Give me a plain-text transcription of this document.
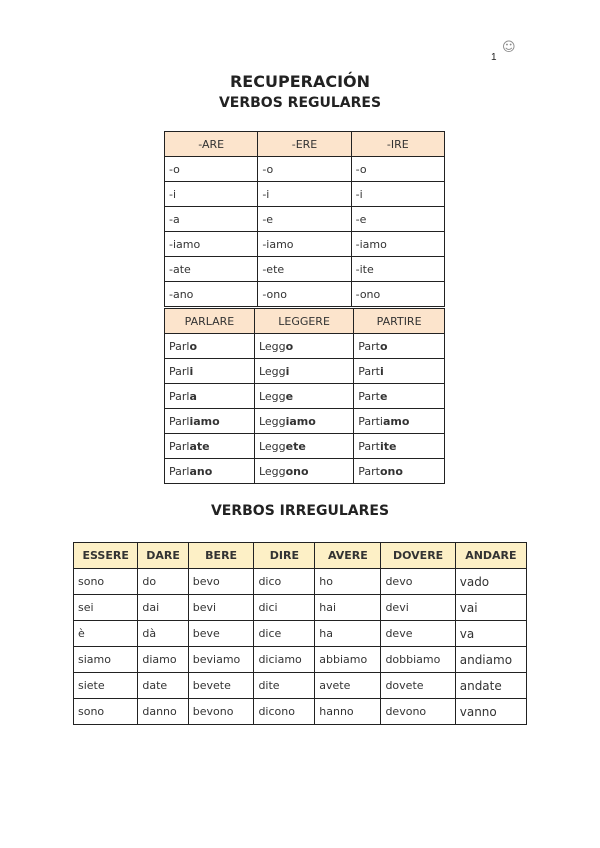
1
☺
RECUPERACIÓN
VERBOS REGULARES
-ARE	-ERE	-IRE
-o	-o	-o
-i	-i	-i
-a	-e	-e
-iamo	-iamo	-iamo
-ate	-ete	-ite
-ano	-ono	-ono
PARLARE	LEGGERE	PARTIRE
Parlo	Leggo	Parto
Parli	Leggi	Parti
Parla	Legge	Parte
Parliamo	Leggiamo	Partiamo
Parlate	Leggete	Partite
Parlano	Leggono	Partono
VERBOS IRREGULARES
ESSERE	DARE	BERE	DIRE	AVERE	DOVERE	ANDARE
sono	do	bevo	dico	ho	devo	vado
sei	dai	bevi	dici	hai	devi	vai
è	dà	beve	dice	ha	deve	va
siamo	diamo	beviamo	diciamo	abbiamo	dobbiamo	andiamo
siete	date	bevete	dite	avete	dovete	andate
sono	danno	bevono	dicono	hanno	devono	vanno
